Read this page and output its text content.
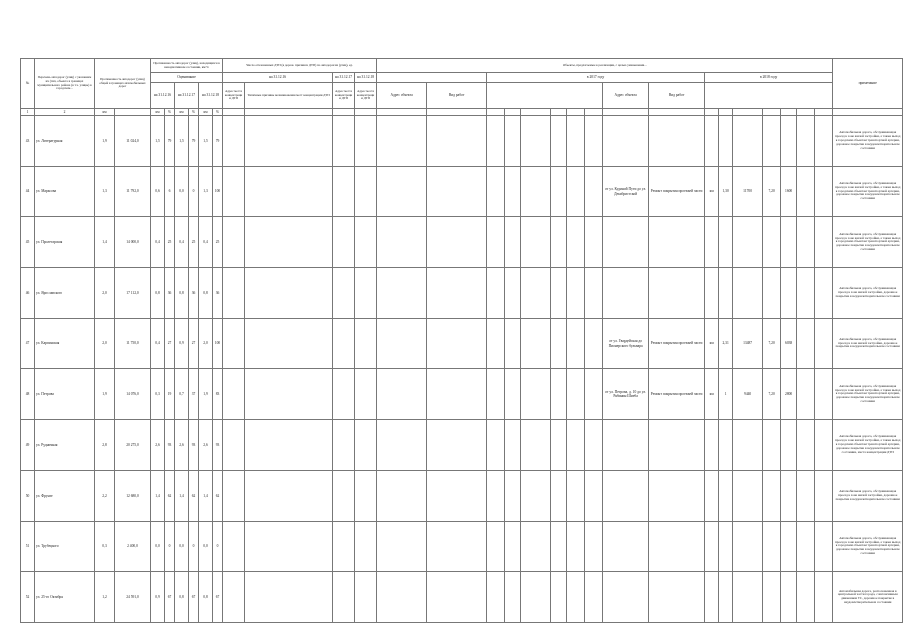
№	Перечень автодорог (улиц) с указанием их (тип, объекта в границах муниципального района (в т.ч. улицы) в городском...	Протяженность автодорог (улиц) общей в границах автомобильных дорог		Протяженность автодорог (улиц), находящихся в ненормативном состоянии, км/%						Число отклоненных ДТП (в дорож. причинах ДТП) по автодорогам (улиц), ед.				Объекты, предлагаемые к реализации, с целью уменьшения...																	примечание
				Оценивание						на 31.12.16		на 31.12.17	на 31.12.18			в 2017 году								в 2018 году							
				на 31.12.16		на 31.12.17		на 31.12.18		Адрес места концентрации ДТП	Типичные причины возникновения мест концентрации ДТП	Адрес места концентрации ДТП	Адрес места концентрации ДТП	Адрес объекта	Вид работ							Адрес объекта	Вид работ								
1	2	км		км	%	км	%	км	%																						
43	ул. Литературная	1,9	11 024,0	1,5	79	1,5	79	1,5	79																						Автомобильная дорога, обслуживающая проезд к зоне жилой застройки, а также выход к городским объектам транспортной артерии, дорожное покрытие в неудовлетворительном состоянии
44	ул. Марксова	1,3	11 792,0	0,6	6	0,0	0	1,3	100													от ул. Кудиной Пути до ул. Декабристской	Ремонт покрытия проезжей части	км	1,30	11700	7,20	1600			Автомобильная дорога, обслуживающая проезд к зоне жилой застройки, а также выход к городским объектам транспортной артерии, дорожное покрытие в неудовлетворительном состоянии
45	ул. Пролетарская	1,4	14 000,0	0,4	25	0,4	25	0,4	25																						Автомобильная дорога, обслуживающая проезд к зоне жилой застройки, а также выход к городским объектам транспортной артерии, дорожное покрытие в неудовлетворительном состоянии
46	ул. Ярославского	2,0	17 112,0	0,8	36	0,8	36	0,8	36																						Автомобильная дорога, обслуживающая проезд к зоне жилой застройки, дорожное покрытие в неудовлетворительном состоянии
47	ул. Карпинская	2,0	11 750,0	0,4	27	0,9	27	2,0	100													от ул. Гвардейская до Пионерского бульвара	Ремонт покрытия проезжей части	км	2,31	13487	7,20	6038			Автомобильная дорога, обслуживающая проезд к зоне жилой застройки, дорожное покрытие в неудовлетворительном состоянии
48	ул. Петрова	1,9	14 076,0	0,3	19	0,7	37	1,9	83													от ул. Петрова, д. 10 до ул. Рябинин Шиеба	Ремонт покрытия проезжей части	км	1	9440	7,20	2800			Автомобильная дорога, обслуживающая проезд к зоне жилой застройки, а также выход к городским объектам транспортной артерии, дорожное покрытие в неудовлетворительном состоянии
49	ул. Рудничная	2,8	20 275,0	2,6	93	2,6	93	2,6	93																						Автомобильная дорога, обслуживающая проезд к зоне жилой застройки, а также выход к городским объектам транспортной артерии, дорожное покрытие в неудовлетворительном состоянии, места концентрации ДТП
50	ул. Фрунзе	2,2	12 680,0	1,4	62	1,4	62	1,4	62																						Автомобильная дорога, обслуживающая проезд к зоне жилой застройки, дорожное покрытие в неудовлетворительном состоянии
51	ул. Трубецкого	0,3	2 400,0	0,0	0	0,0	0	0,0	0																						Автомобильная дорога, обслуживающая проезд к зоне жилой застройки, а также выход к городским объектам транспортной артерии, дорожное покрытие в неудовлетворительном состоянии
52	ул. 25-го Октября	1,2	24 591,0	0,9	67	0,8	67	0,8	67																						Автомобильная дорога, расположенная в центральной части города, с интенсивным движением ТС, дорожное покрытие в неудовлетворительном состоянии
